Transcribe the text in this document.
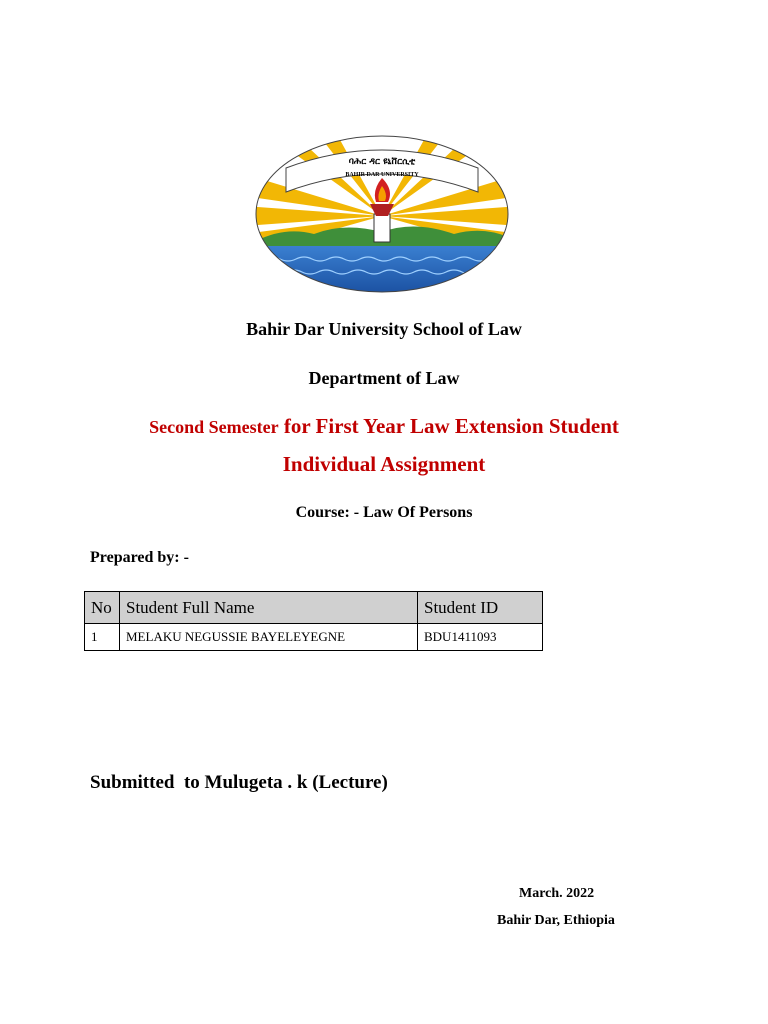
ባሕር ዳር ዩኒቨርሲቲ
BAHIR DAR UNIVERSITY
Bahir Dar University School of Law
Department of Law
Second Semester for First Year Law Extension Student
Individual Assignment
Course: - Law Of Persons
Prepared by: -
No	Student Full Name	Student ID
1	MELAKU NEGUSSIE BAYELEYEGNE	BDU1411093
Submitted  to Mulugeta . k (Lecture)
March. 2022
Bahir Dar, Ethiopia
